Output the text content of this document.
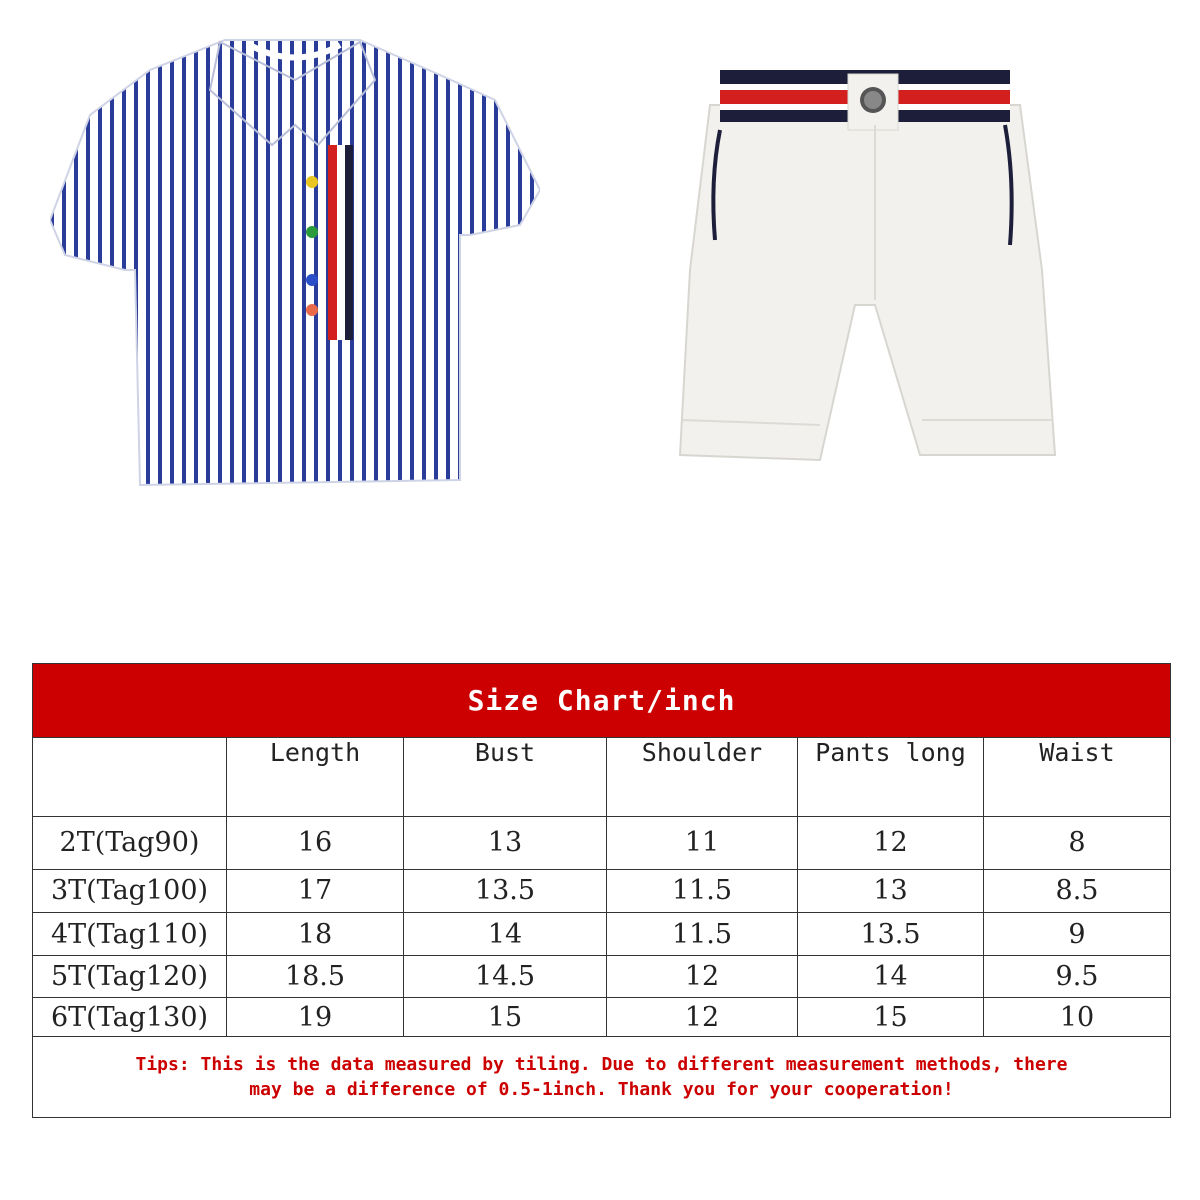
Size Chart/inch					
	Length	Bust	Shoulder	Pants long	Waist
2T(Tag90)	16	13	11	12	8
3T(Tag100)	17	13.5	11.5	13	8.5
4T(Tag110)	18	14	11.5	13.5	9
5T(Tag120)	18.5	14.5	12	14	9.5
6T(Tag130)	19	15	12	15	10

Tips: This is the data measured by tiling. Due to different measurement methods, there
may be a difference of 0.5-1inch. Thank you for your cooperation!					
